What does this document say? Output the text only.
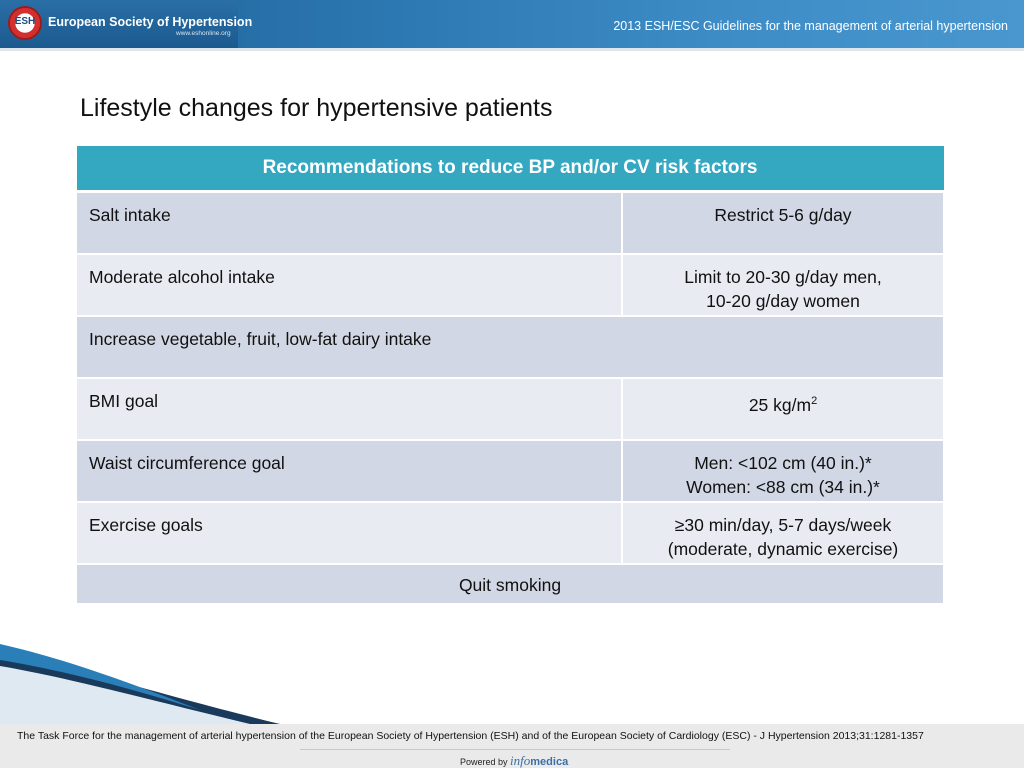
ESH	European Society of Hypertension
www.eshonline.org
2013 ESH/ESC Guidelines for the management of arterial hypertension
Lifestyle changes for hypertensive patients
Recommendations to reduce BP and/or CV risk factors	
Salt intake	Restrict 5-6 g/day

Moderate alcohol intake	Limit to 20-30 g/day men,
10-20 g/day women

Increase vegetable, fruit, low-fat dairy intake	
BMI goal	25 $kg/m^2$
Waist circumference goal	Men: <102 cm (40 in.)*
Women: <88 cm (34 in.)*

Exercise goals	≥30 min/day, 5-7 days/week
(moderate, dynamic exercise)

Quit smoking	
The Task Force for the management of arterial hypertension of the European Society of Hypertension (ESH) and of the European Society of Cardiology (ESC) - J Hypertension 2013;31:1281-1357
Powered by infomedica
